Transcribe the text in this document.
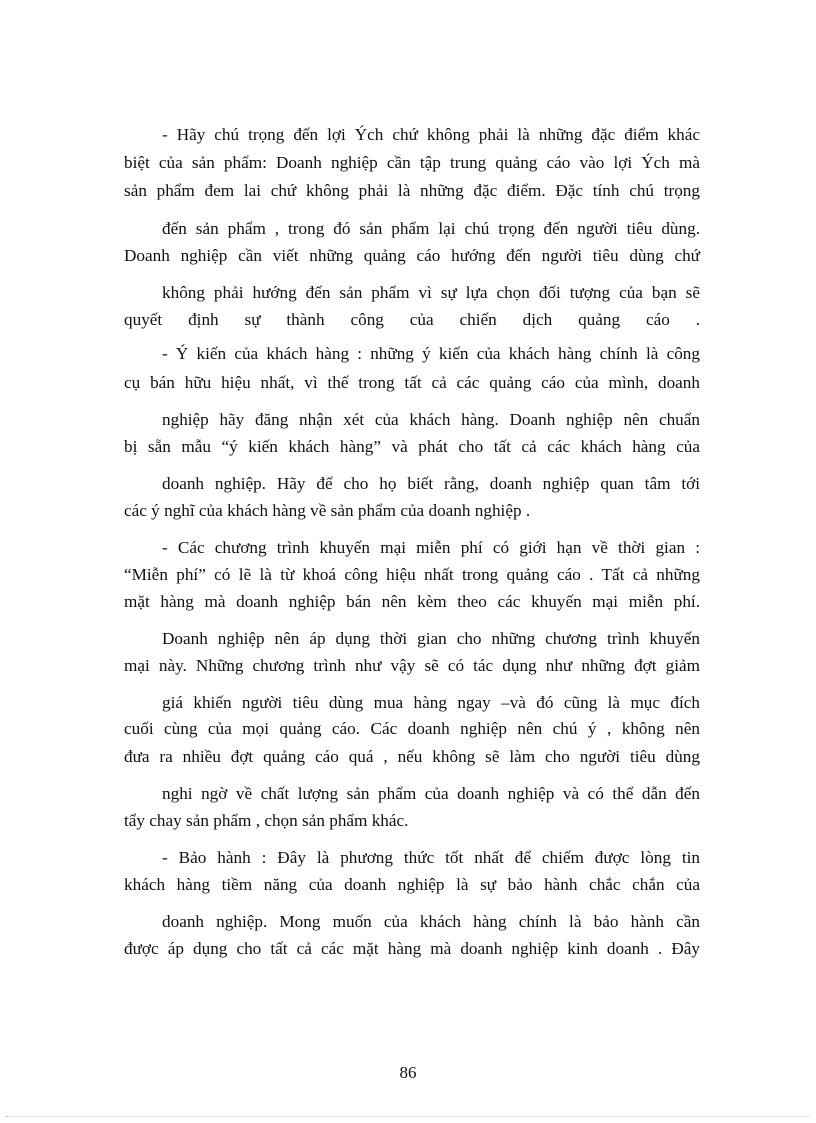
- Hãy chú trọng đến lợi Ých chứ không phải là những đặc điểm khác
biệt của sản phẩm: Doanh nghiệp cần tập trung quảng cáo vào lợi Ých mà
sản phẩm đem lai chứ không phải là những đặc điểm. Đặc tính chú trọng
đến sản phẩm , trong đó sản phẩm lại chú trọng đến người tiêu dùng.
Doanh nghiệp cần viết những quảng cáo hướng đến người tiêu dùng chứ
không phải hướng đến sản phẩm vì sự lựa chọn đối tượng của bạn sẽ
quyết định sự thành công của chiến dịch quảng cáo .
- Ý kiến của khách hàng : những ý kiến của khách hàng chính là công
cụ bán hữu hiệu nhất, vì thế trong tất cả các quảng cáo của mình, doanh
nghiệp hãy đăng nhận xét của khách hàng. Doanh nghiệp nên chuẩn
bị sẵn mẫu “ý kiến khách hàng” và phát cho tất cả các khách hàng của
doanh nghiệp. Hãy để cho họ biết rằng, doanh nghiệp quan tâm tới
các ý nghĩ của khách hàng về sản phẩm của doanh nghiệp .
- Các chương trình khuyến mại miễn phí có giới hạn về thời gian :
“Miễn phí” có lẽ là từ khoá công hiệu nhất trong quảng cáo . Tất cả những
mặt hàng mà doanh nghiệp bán nên kèm theo các khuyến mại miễn phí.
Doanh nghiệp nên áp dụng thời gian cho những chương trình khuyến
mại này. Những chương trình như vậy sẽ có tác dụng như những đợt giảm
giá khiến người tiêu dùng mua hàng ngay –và đó cũng là mục đích
cuối cùng của mọi quảng cáo. Các doanh nghiệp nên chú ý , không nên
đưa ra nhiều đợt quảng cáo quá , nếu không sẽ làm cho người tiêu dùng
nghi ngờ về chất lượng sản phẩm của doanh nghiệp và có thể dẫn đến
tẩy chay sản phẩm , chọn sản phẩm khác.
- Bảo hành : Đây là phương thức tốt nhất để chiếm được lòng tin
khách hàng tiềm năng của doanh nghiệp là sự bảo hành chắc chắn của
doanh nghiệp. Mong muốn của khách hàng chính là bảo hành cần
được áp dụng cho tất cả các mặt hàng mà doanh nghiệp kinh doanh . Đây
86
